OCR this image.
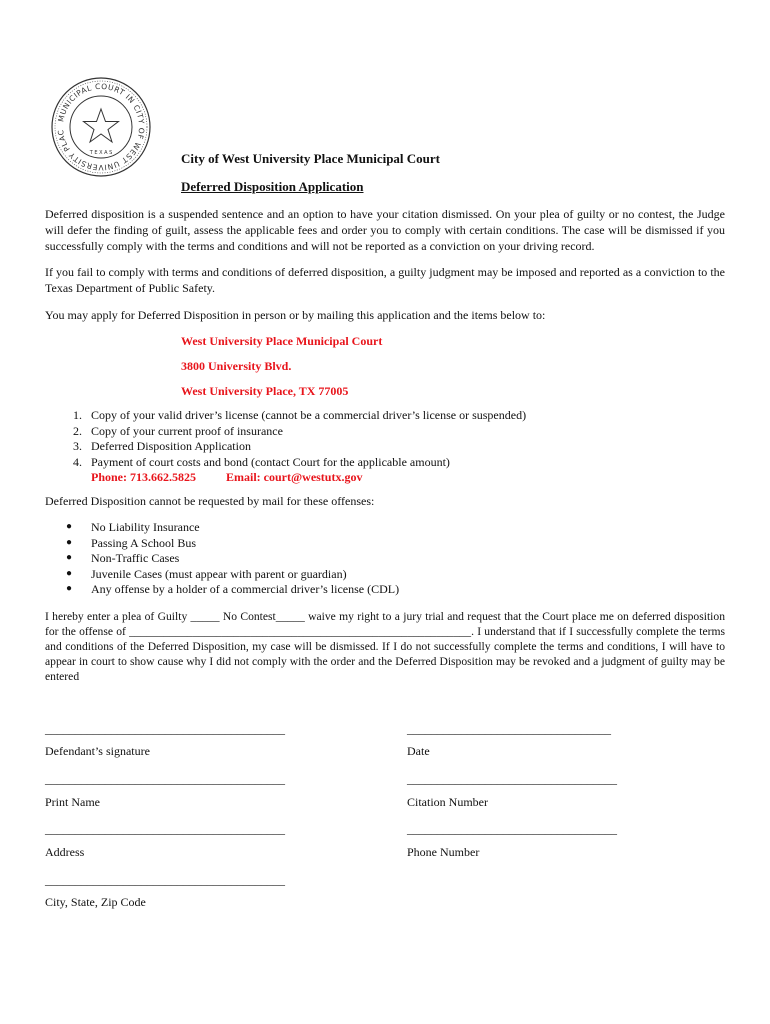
MUNICIPAL COURT IN CITY OF WEST UNIVERSITY PLAC
T E X A S	City of West University Place Municipal Court
Deferred Disposition Application
Deferred disposition is a suspended sentence and an option to have your citation dismissed. On your plea of guilty or no contest, the Judge will defer the finding of guilt, assess the applicable fees and order you to comply with certain conditions. The case will be dismissed if you successfully comply with the terms and conditions and will not be reported as a conviction on your driving record.
If you fail to comply with terms and conditions of deferred disposition, a guilty judgment may be imposed and reported as a conviction to the Texas Department of Public Safety.
You may apply for Deferred Disposition in person or by mailing this application and the items below to:
West University Place Municipal Court
3800 University Blvd.
West University Place, TX 77005
1. Copy of your valid driver’s license (cannot be a commercial driver’s license or suspended)
2. Copy of your current proof of insurance
3. Deferred Disposition Application
4. Payment of court costs and bond (contact Court for the applicable amount)
Phone: 713.662.5825	Email: court@westutx.gov
Deferred Disposition cannot be requested by mail for these offenses:
● No Liability Insurance
● Passing A School Bus
● Non-Traffic Cases
● Juvenile Cases (must appear with parent or guardian)
● Any offense by a holder of a commercial driver’s license (CDL)
I hereby enter a plea of Guilty _____ No Contest_____ waive my right to a jury trial and request that the Court place me on deferred disposition for the offense of ___________________________________________________________. I understand that if I successfully complete the terms and conditions of the Deferred Disposition, my case will be dismissed. If I do not successfully complete the terms and conditions, I will have to appear in court to show cause why I did not comply with the order and the Deferred Disposition may be revoked and a judgment of guilty may be entered
________________________________________	__________________________________
Defendant’s signature	Date
________________________________________	___________________________________
Print Name	Citation Number
________________________________________	___________________________________
Address	Phone Number
________________________________________
City, State, Zip Code
